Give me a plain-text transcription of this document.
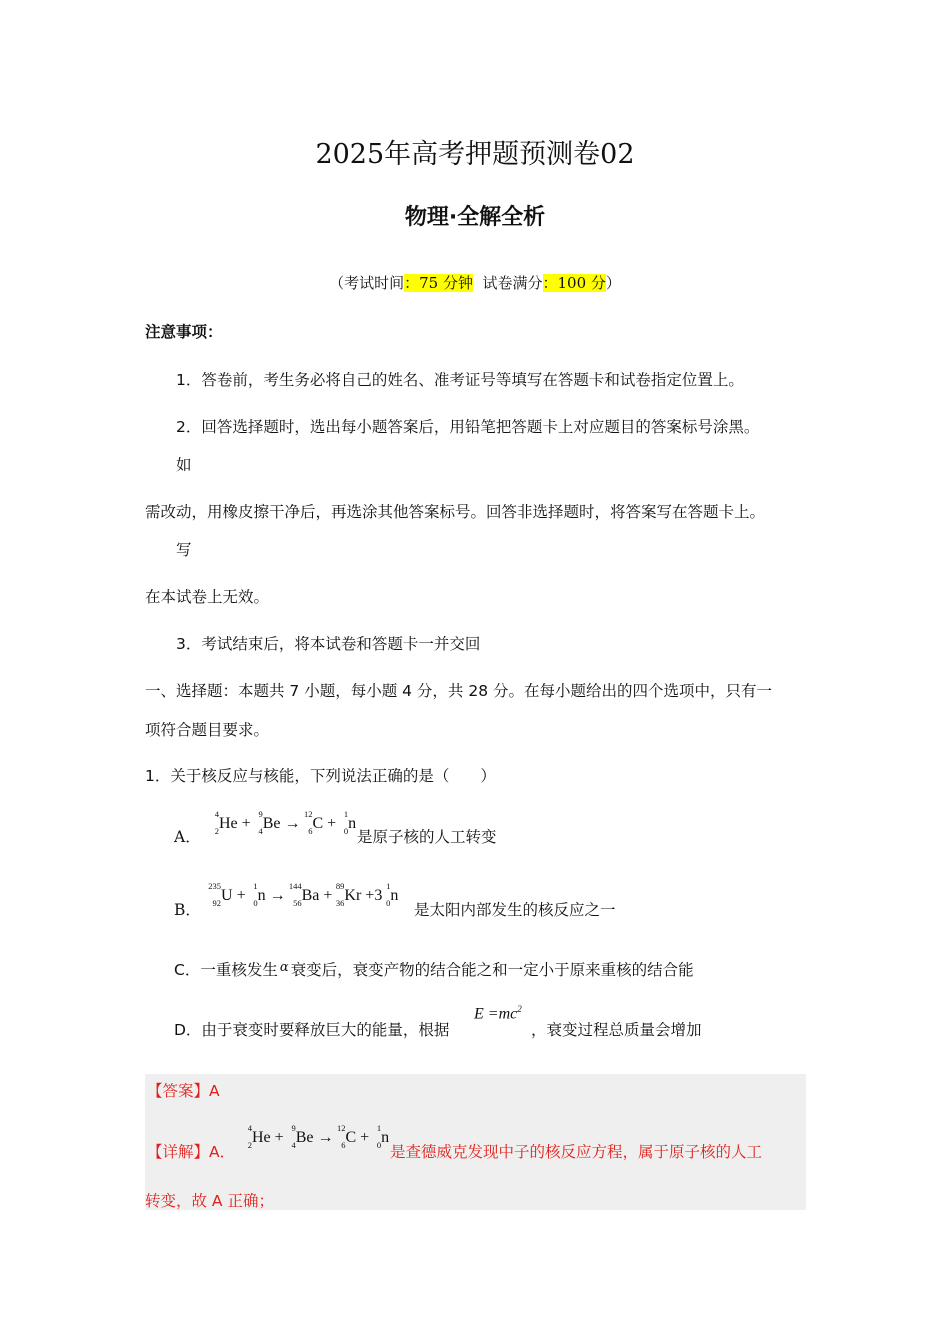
2025年高考押题预测卷02
物理·全解全析
（考试时间：75 分钟  试卷满分：100 分）
注意事项：
1．答卷前，考生务必将自己的姓名、准考证号等填写在答题卡和试卷指定位置上。
2．回答选择题时，选出每小题答案后，用铅笔把答题卡上对应题目的答案标号涂黑。
如
需改动，用橡皮擦干净后，再选涂其他答案标号。回答非选择题时，将答案写在答题卡上。
写
在本试卷上无效。
3．考试结束后，将本试卷和答题卡一并交回
一、选择题：本题共 7 小题，每小题 4 分，共 28 分。在每小题给出的四个选项中，只有一
项符合题目要求。
1．关于核反应与核能，下列说法正确的是（　　）
A．
4
2 He +
9
4 Be →
12
6 C +
1
0 n
是原子核的人工转变
B．
235
92 U +
1
0 n →
144
56 Ba +
89
36 Kr +3
1
0 n
是太阳内部发生的核反应之一
C．一重核发生 $^\alpha$ 衰变后，衰变产物的结合能之和一定小于原来重核的结合能
D．由于衰变时要释放巨大的能量，根据
$E =mc^2$
，衰变过程总质量会增加
【答案】A
【详解】A．
4
2 He +
9
4 Be →
12
6 C +
1
0 n
是查德威克发现中子的核反应方程，属于原子核的人工
转变，故 A 正确；
